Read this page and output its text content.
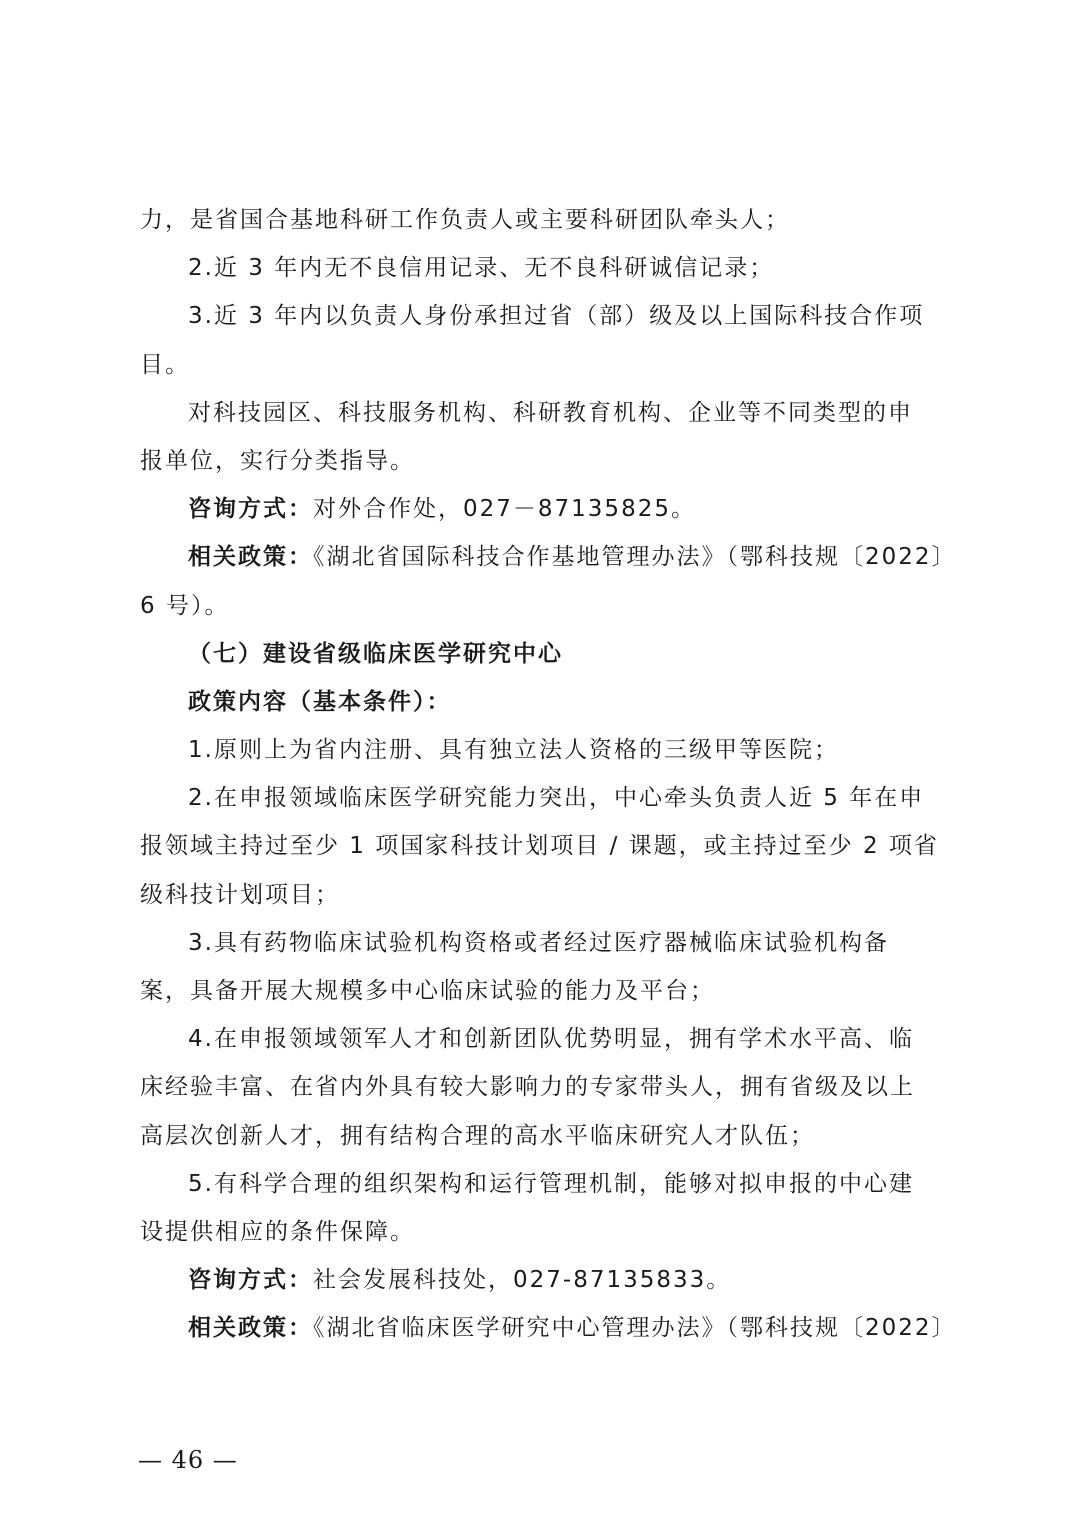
力，是省国合基地科研工作负责人或主要科研团队牵头人；
2.近 3 年内无不良信用记录、无不良科研诚信记录；
3.近 3 年内以负责人身份承担过省（部）级及以上国际科技合作项
目。
对科技园区、科技服务机构、科研教育机构、企业等不同类型的申
报单位，实行分类指导。
咨询方式：对外合作处，027－87135825。
相关政策：《湖北省国际科技合作基地管理办法》（鄂科技规〔2022〕
6 号）。
（七）建设省级临床医学研究中心
政策内容（基本条件）：
1.原则上为省内注册、具有独立法人资格的三级甲等医院；
2.在申报领域临床医学研究能力突出，中心牵头负责人近 5 年在申
报领域主持过至少 1 项国家科技计划项目 / 课题，或主持过至少 2 项省
级科技计划项目；
3.具有药物临床试验机构资格或者经过医疗器械临床试验机构备
案，具备开展大规模多中心临床试验的能力及平台；
4.在申报领域领军人才和创新团队优势明显，拥有学术水平高、临
床经验丰富、在省内外具有较大影响力的专家带头人，拥有省级及以上
高层次创新人才，拥有结构合理的高水平临床研究人才队伍；
5.有科学合理的组织架构和运行管理机制，能够对拟申报的中心建
设提供相应的条件保障。
咨询方式：社会发展科技处，027-87135833。
相关政策：《湖北省临床医学研究中心管理办法》（鄂科技规〔2022〕
— 46 —
